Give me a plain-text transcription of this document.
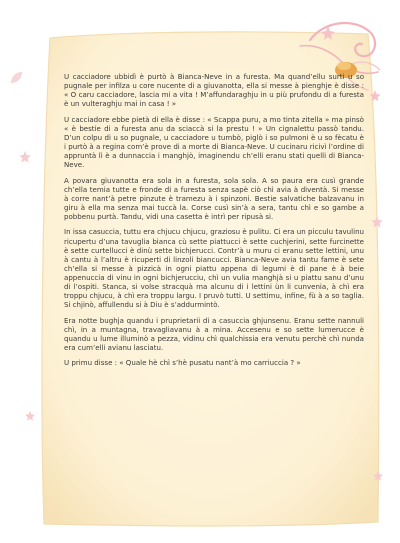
U cacciadore ubbidì è purtò à Bianca-Neve in a furesta. Ma quand’ellu surti u so pugnale per infilza u core nucente di a giuvanotta, ella si messe à pienghje è disse : « O caru cacciadore, lascia mi a vita ! M’affundaraghju in u più prufondu di a furesta è un vulteraghju mai in casa ! »

U cacciadore ebbe pietà di ella è disse : « Scappa puru, a mo tinta zitella » ma pinsò « è bestie di a furesta anu da sciaccà si la prestu ! » Un cignalettu passò tandu. D’un colpu di u so pugnale, u cacciadore u tumbò, piglò i so pulmoni è u so fècatu è i purtò à a regina com’è prove di a morte di Bianca-Neve. U cucinaru ricivì l’ordine di appruntà lì è a dunnaccia i manghjò, imaginendu ch’elli eranu stati quelli di Bianca-Neve.

A povara giuvanotta era sola in a furesta, sola sola. A so paura era cusì grande ch’ella temia tutte e fronde di a furesta senza sapè ciò chì avia à diventà. Si messe à corre nant’à petre pinzute è tramezu à i spinzoni. Bestie salvatiche balzavanu in giru à ella ma senza mai tuccà la. Corse cusì sin’à a sera, tantu chì e so gambe a pobbenu purtà. Tandu, vidi una casetta è intrì per ripusà si.

In issa casuccia, tuttu era chjucu chjucu, graziosu è pulitu. Ci era un picculu tavulinu ricupertu d’una tavuglia bianca cù sette piattucci è sette cuchjerini, sette furcinette è sette curtellucci è dinù sette bichjerucci. Contr’à u muru ci eranu sette lettini, unu à cantu à l’altru è ricuperti di linzoli biancucci. Bianca-Neve avia tantu fame è sete ch’ella si messe à pizzicà in ogni piattu appena di legumi è di pane è à beie appenuccia di vinu in ogni bichjerucciu, chì un vulia manghjà si u piattu sanu d’unu di l’ospiti. Stanca, si volse stracquà ma alcunu di i lettini ùn li cunvenia, à chì era troppu chjucu, à chì era troppu largu. I pruvò tutti. U settimu, infine, fù à a so taglia. Si chjinò, affullendu si à Diu è s’addurmintò.

Era notte bughja quandu i pruprietarii di a casuccia ghjunsenu. Eranu sette nannuli chì, in a muntagna, travagliavanu à a mina. Accesenu e so sette lumerucce è quandu u lume illuminò a pezza, vidinu chì qualchissia era venutu perchè chì nunda era cum’elli avianu lasciatu.

U primu disse : « Quale hè chì s’hè pusatu nant’à mo carriuccia ? »
